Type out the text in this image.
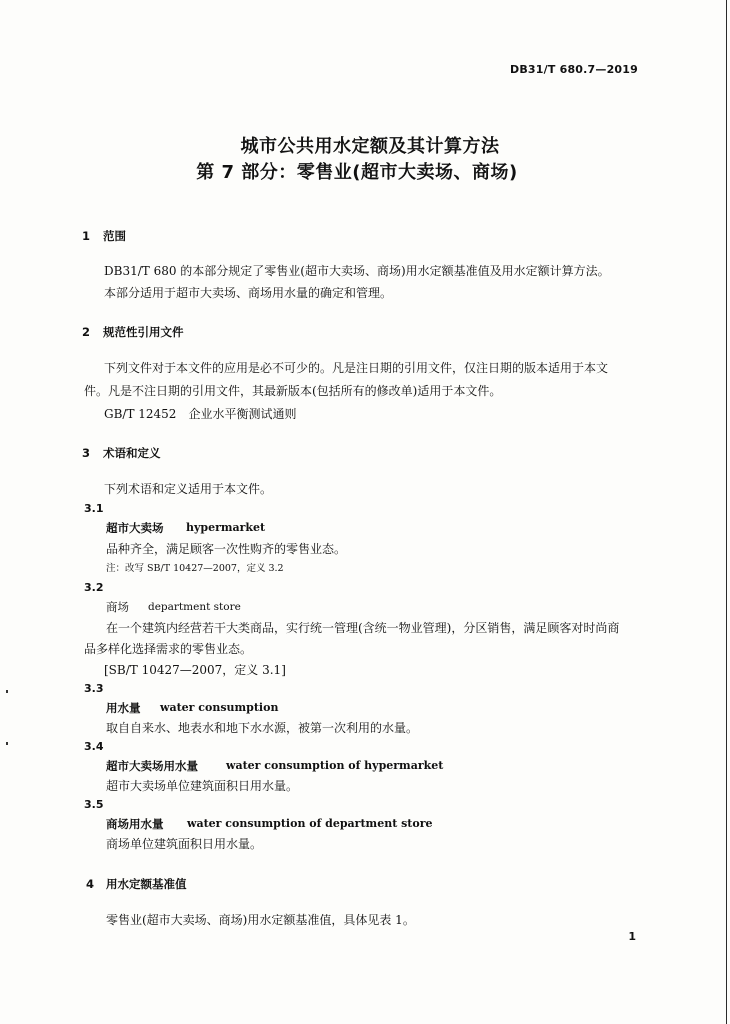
DB31/T 680.7—2019
城市公共用水定额及其计算方法
第 7 部分：零售业(超市大卖场、商场)
1 范围
DB31/T 680 的本部分规定了零售业(超市大卖场、商场)用水定额基准值及用水定额计算方法。
本部分适用于超市大卖场、商场用水量的确定和管理。
2 规范性引用文件
下列文件对于本文件的应用是必不可少的。凡是注日期的引用文件，仅注日期的版本适用于本文
件。凡是不注日期的引用文件，其最新版本(包括所有的修改单)适用于本文件。
GB/T 12452　企业水平衡测试通则
3 术语和定义
下列术语和定义适用于本文件。
3.1
超市大卖场 hypermarket
品种齐全，满足顾客一次性购齐的零售业态。
注：改写 SB/T 10427—2007，定义 3.2
3.2
商场 department store
在一个建筑内经营若干大类商品，实行统一管理(含统一物业管理)，分区销售，满足顾客对时尚商
品多样化选择需求的零售业态。
[SB/T 10427—2007，定义 3.1]
3.3
用水量 water consumption
取自自来水、地表水和地下水水源，被第一次利用的水量。
3.4
超市大卖场用水量	water consumption of hypermarket
超市大卖场单位建筑面积日用水量。
3.5
商场用水量 water consumption of department store
商场单位建筑面积日用水量。
4 用水定额基准值
零售业(超市大卖场、商场)用水定额基准值，具体见表 1。
1
